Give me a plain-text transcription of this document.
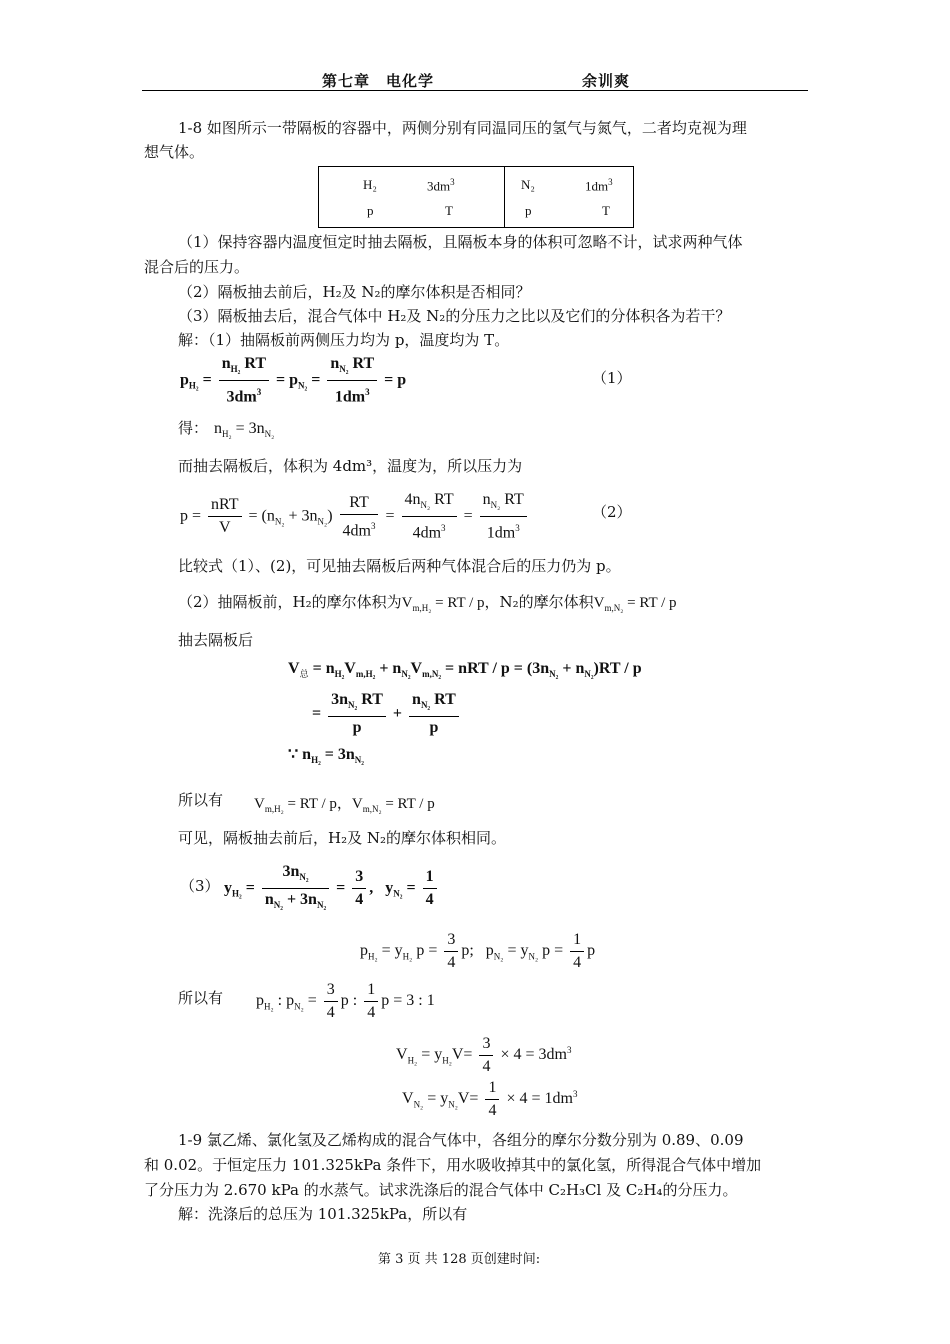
第七章　电化学	余训爽
1-8 如图所示一带隔板的容器中，两侧分别有同温同压的氢气与氮气，二者均克视为理
想气体。
H₂	$3dm^3$
p	T
N₂	$1dm^3$
p	T
（1）保持容器内温度恒定时抽去隔板，且隔板本身的体积可忽略不计，试求两种气体
混合后的压力。
（2）隔板抽去前后，H₂及 N₂的摩尔体积是否相同？
（3）隔板抽去后，混合气体中 H₂及 N₂的分压力之比以及它们的分体积各为若干？
解：（1）抽隔板前两侧压力均为 p，温度均为 T。
$p_{H_2} = \frac{n_{H_2} RT}{3dm^3} = p_{N_2} = \frac{n_{N_2} RT}{1dm^3} = p$	（1）
得： $n_{H_2} = 3n_{N_2}$
而抽去隔板后，体积为 4dm³，温度为，所以压力为
$p = \frac{\text{nRT}}{V} = (n_{N_2} + 3n_{N_2}) \frac{RT}{4dm^3} = \frac{4n_{N_2} RT}{4dm^3} = \frac{n_{N_2} RT}{1dm^3}$	（2）
比较式（1）、(2)，可见抽去隔板后两种气体混合后的压力仍为 p。
（2）抽隔板前，H₂的摩尔体积为$V_{m,H_2}$ = RT / p，N₂的摩尔体积$V_{m,N_2}$ = RT / p
抽去隔板后
$V_总 = n_{H_2}V_{m,H_2} + n_{N_2}V_{m,N_2}$ = nRT / $p = (3n_{N_2} + n_{N_2})RT / p$
= $\frac{3n_{N_2} RT}{p} + \frac{n_{N_2} RT}{p}$
∵ $n_{H_2} = 3n_{N_2}$
所以有 $V_{m,H_2}$ = RT / p，$V_{m,N_2}$ = RT / p
可见，隔板抽去前后，H₂及 N₂的摩尔体积相同。
（3） $y_{H_2} = \frac{3n_{N_2}}{n_{N_2} + 3n_{N_2}} = \frac{3}{4}$ ,   $y_{N_2} = \frac{1}{4}$
$p_{H_2} = y_{H_2}$ $p = \frac{3}{4} p$;   $p_{N_2} = y_{N_2}$ $p = \frac{1}{4}$ p
所以有 $p_{H_2}$ : $p_{N_2} = \frac{3}{4}$ p : $\frac{1}{4}$ p = 3 : 1
$V_{H_2} = y_{H_2}V= \frac{3}{4} \times 4 = 3dm^3$
$V_{N_2} = y_{N_2}V= \frac{1}{4} \times 4 = 1dm^3$
1-9 氯乙烯、氯化氢及乙烯构成的混合气体中，各组分的摩尔分数分别为 0.89、0.09
和 0.02。于恒定压力 101.325kPa 条件下，用水吸收掉其中的氯化氢，所得混合气体中增加
了分压力为 2.670 kPa 的水蒸气。试求洗涤后的混合气体中 C₂H₃Cl 及 C₂H₄的分压力。
解：洗涤后的总压为 101.325kPa，所以有
第 3 页 共 128 页创建时间:
